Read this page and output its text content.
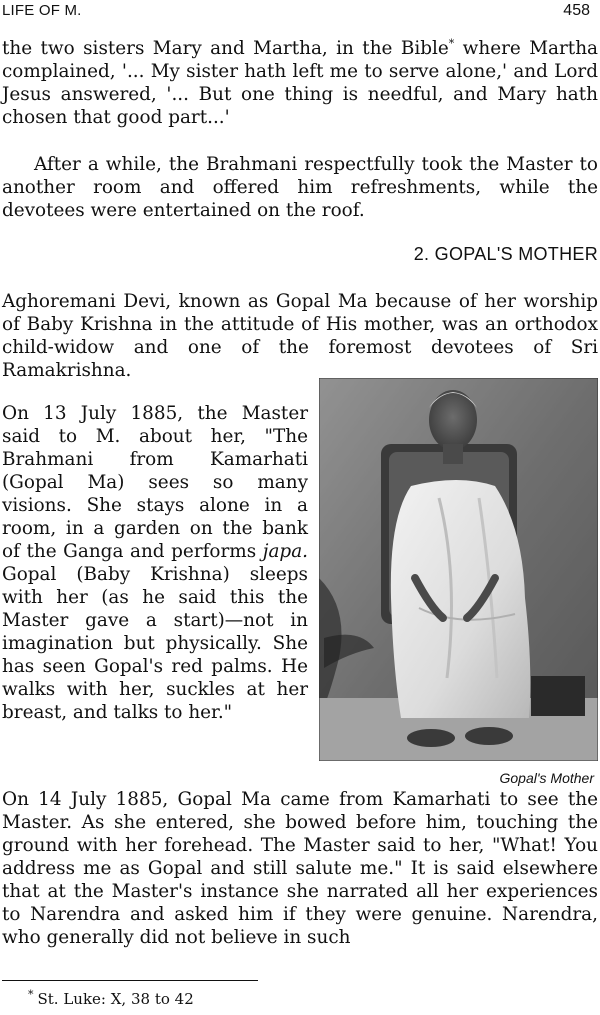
LIFE OF M.	458

the two sisters Mary and Martha, in the Bible* where Martha complained, '... My sister hath left me to serve alone,' and Lord Jesus answered, '... But one thing is needful, and Mary hath chosen that good part...'

After a while, the Brahmani respectfully took the Master to another room and offered him refreshments, while the devotees were entertained on the roof.

2. GOPAL'S MOTHER

Aghoremani Devi, known as Gopal Ma because of her worship of Baby Krishna in the attitude of His mother, was an orthodox child-widow and one of the foremost devotees of Sri Ramakrishna.

On 13 July 1885, the Master said to M. about her, "The Brahmani from Kamarhati (Gopal Ma) sees so many visions. She stays alone in a room, in a garden on the bank of the Ganga and performs japa. Gopal (Baby Krishna) sleeps with her (as he said this the Master gave a start)—not in imagination but physically. She has seen Gopal's red palms. He walks with her, suckles at her breast, and talks to her."

Gopal's Mother

On 14 July 1885, Gopal Ma came from Kamarhati to see the Master. As she entered, she bowed before him, touching the ground with her forehead. The Master said to her, "What! You address me as Gopal and still salute me." It is said elsewhere that at the Master's instance she narrated all her experiences to Narendra and asked him if they were genuine. Narendra, who generally did not believe in such

* St. Luke: X, 38 to 42
